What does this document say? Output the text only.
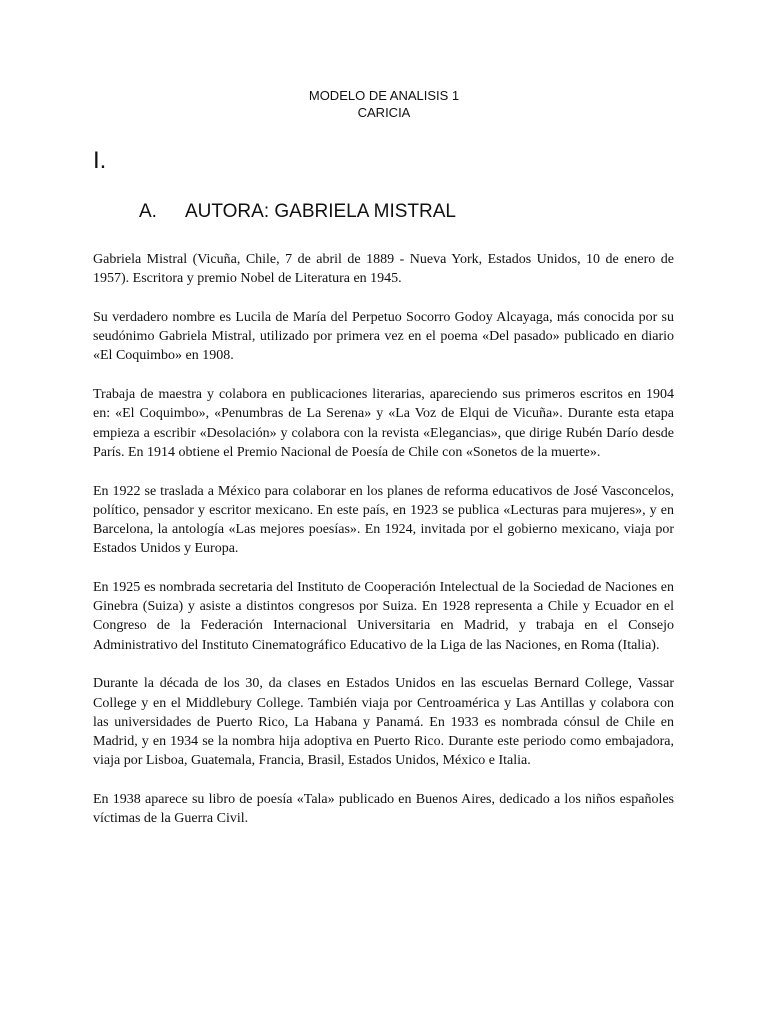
MODELO DE ANALISIS 1
CARICIA
I.
A. AUTORA: GABRIELA MISTRAL

Gabriela Mistral (Vicuña, Chile, 7 de abril de 1889 - Nueva York, Estados Unidos, 10 de enero de 1957). Escritora y premio Nobel de Literatura en 1945.

Su verdadero nombre es Lucila de María del Perpetuo Socorro Godoy Alcayaga, más conocida por su seudónimo Gabriela Mistral, utilizado por primera vez en el poema «Del pasado» publicado en diario «El Coquimbo» en 1908.

Trabaja de maestra y colabora en publicaciones literarias, apareciendo sus primeros escritos en 1904 en: «El Coquimbo», «Penumbras de La Serena» y «La Voz de Elqui de Vicuña». Durante esta etapa empieza a escribir «Desolación» y colabora con la revista «Elegancias», que dirige Rubén Darío desde París. En 1914 obtiene el Premio Nacional de Poesía de Chile con «Sonetos de la muerte».

En 1922 se traslada a México para colaborar en los planes de reforma educativos de José Vasconcelos, político, pensador y escritor mexicano. En este país, en 1923 se publica «Lecturas para mujeres», y en Barcelona, la antología «Las mejores poesías». En 1924, invitada por el gobierno mexicano, viaja por Estados Unidos y Europa.

En 1925 es nombrada secretaria del Instituto de Cooperación Intelectual de la Sociedad de Naciones en Ginebra (Suiza) y asiste a distintos congresos por Suiza. En 1928 representa a Chile y Ecuador en el Congreso de la Federación Internacional Universitaria en Madrid, y trabaja en el Consejo Administrativo del Instituto Cinematográfico Educativo de la Liga de las Naciones, en Roma (Italia).

Durante la década de los 30, da clases en Estados Unidos en las escuelas Bernard College, Vassar College y en el Middlebury College. También viaja por Centroamérica y Las Antillas y colabora con las universidades de Puerto Rico, La Habana y Panamá. En 1933 es nombrada cónsul de Chile en Madrid, y en 1934 se la nombra hija adoptiva en Puerto Rico. Durante este periodo como embajadora, viaja por Lisboa, Guatemala, Francia, Brasil, Estados Unidos, México e Italia.

En 1938 aparece su libro de poesía «Tala» publicado en Buenos Aires, dedicado a los niños españoles víctimas de la Guerra Civil.
